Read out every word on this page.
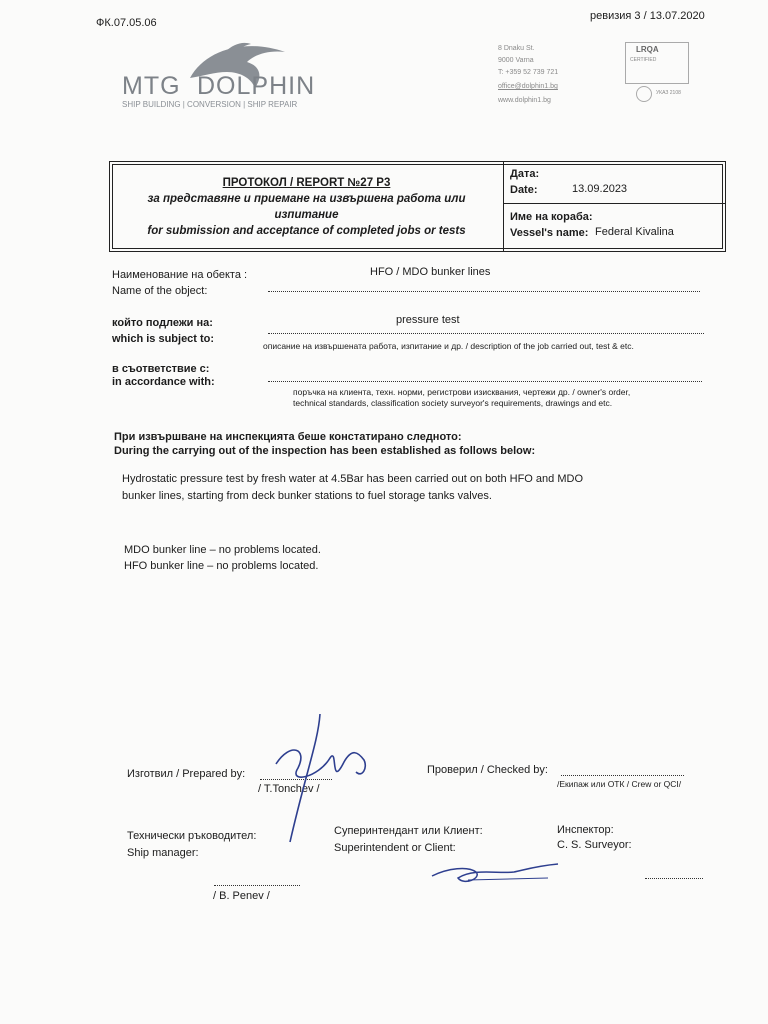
ФК.07.05.06
ревизия 3 / 13.07.2020
MTG DOLPHIN
SHIP BUILDING | CONVERSION | SHIP REPAIR
8 Dnaku St.
9000 Varna
T: +359 52 739 721
office@dolphin1.bg
www.dolphin1.bg
LRQA
CERTIFIED
УКАЗ 2108
ПРОТОКОЛ / REPORT №27 Р3
за представяне и приемане на извършена работа или
изпитание
for submission and acceptance of completed jobs or tests
Дата:
Date:	13.09.2023
Име на кораба:
Vessel's name: Federal Kivalina
Наименование на обекта :
Name of the object:
HFO / MDO bunker lines
който подлежи на:
which is subject to:
pressure test
описание на извършената работа, изпитание и др. / description of the job carried out, test & etc.
в съответствие с:
in accordance with:
поръчка на клиента, техн. норми, регистрови изисквания, чертежи др. / owner's order,
technical standards, classification society surveyor's requirements, drawings and etc.
При извършване на инспекцията беше констатирано следното:
During the carrying out of the inspection has been established as follows below:
Hydrostatic pressure test by fresh water at 4.5Bar has been carried out on both HFO and MDO
bunker lines, starting from deck bunker stations to fuel storage tanks valves.
MDO bunker line – no problems located.
HFO bunker line – no problems located.
Изготвил / Prepared by:
/ T.Tonchev /
Проверил / Checked by:
/Екипаж или ОТК / Crew or QCI/
Технически ръководител:
Ship manager:
/ B. Penev /
Суперинтендант или Клиент:
Superintendent or Client:
Инспектор:
C. S. Surveyor:
